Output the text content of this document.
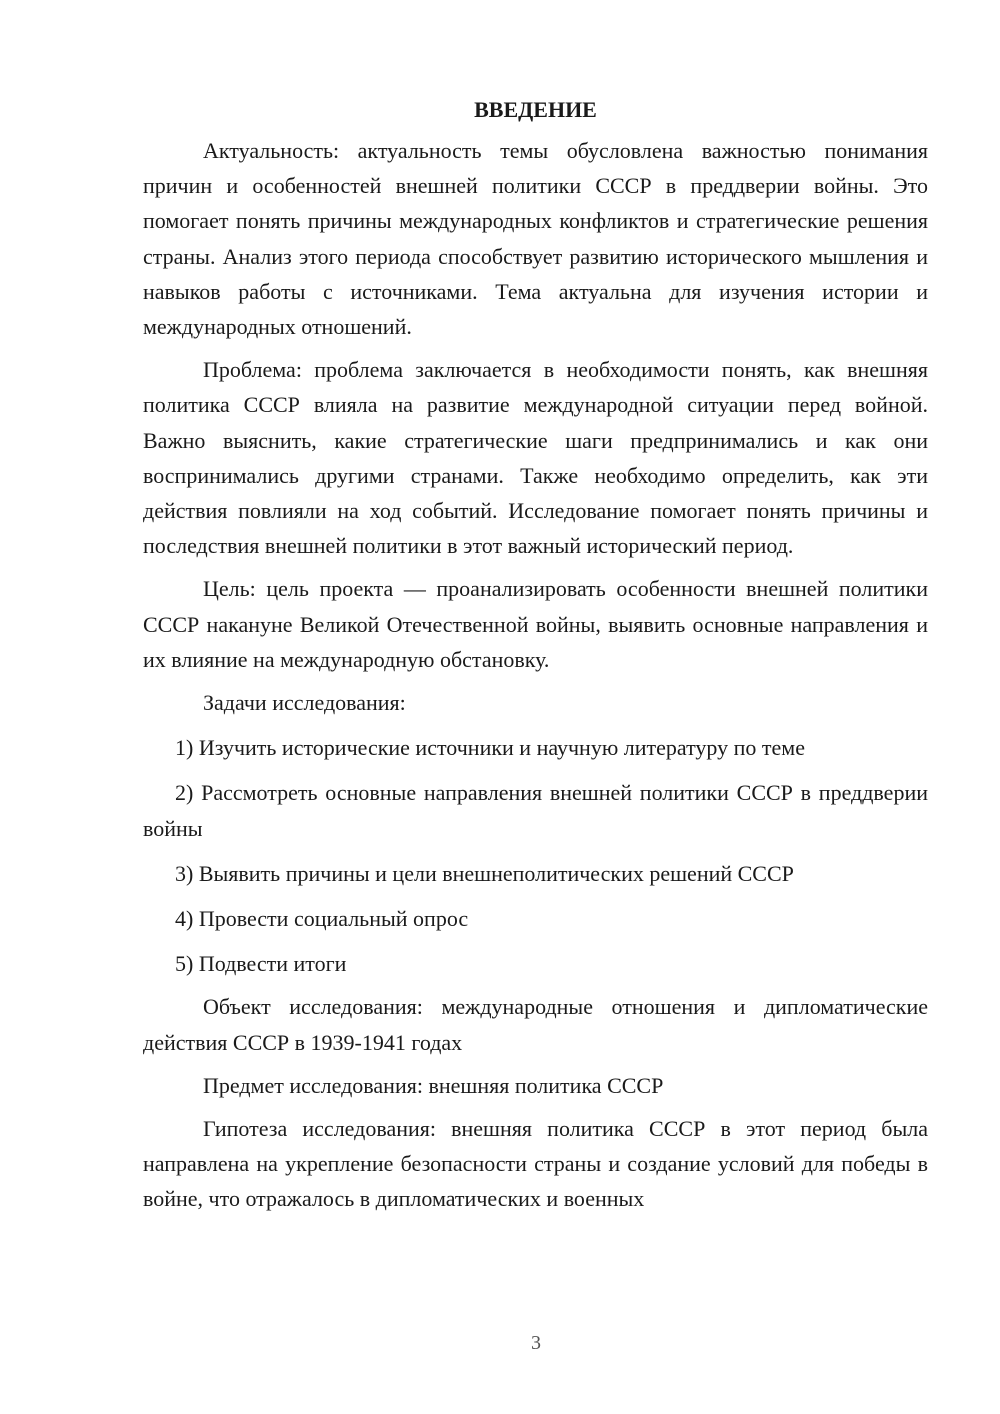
ВВЕДЕНИЕ

Актуальность: актуальность темы обусловлена важностью понимания причин и особенностей внешней политики СССР в преддверии войны. Это помогает понять причины международных конфликтов и стратегические решения страны. Анализ этого периода способствует развитию исторического мышления и навыков работы с источниками. Тема актуальна для изучения истории и международных отношений.

Проблема: проблема заключается в необходимости понять, как внешняя политика СССР влияла на развитие международной ситуации перед войной. Важно выяснить, какие стратегические шаги предпринимались и как они воспринимались другими странами. Также необходимо определить, как эти действия повлияли на ход событий. Исследование помогает понять причины и последствия внешней политики в этот важный исторический период.

Цель: цель проекта — проанализировать особенности внешней политики СССР накануне Великой Отечественной войны, выявить основные направления и их влияние на международную обстановку.

Задачи исследования:

1) Изучить исторические источники и научную литературу по теме

2) Рассмотреть основные направления внешней политики СССР в преддверии войны

3) Выявить причины и цели внешнеполитических решений СССР

4) Провести социальный опрос

5) Подвести итоги

Объект исследования: международные отношения и дипломатические действия СССР в 1939-1941 годах

Предмет исследования: внешняя политика СССР

Гипотеза исследования: внешняя политика СССР в этот период была направлена на укрепление безопасности страны и создание условий для победы в войне, что отражалось в дипломатических и военных

3
